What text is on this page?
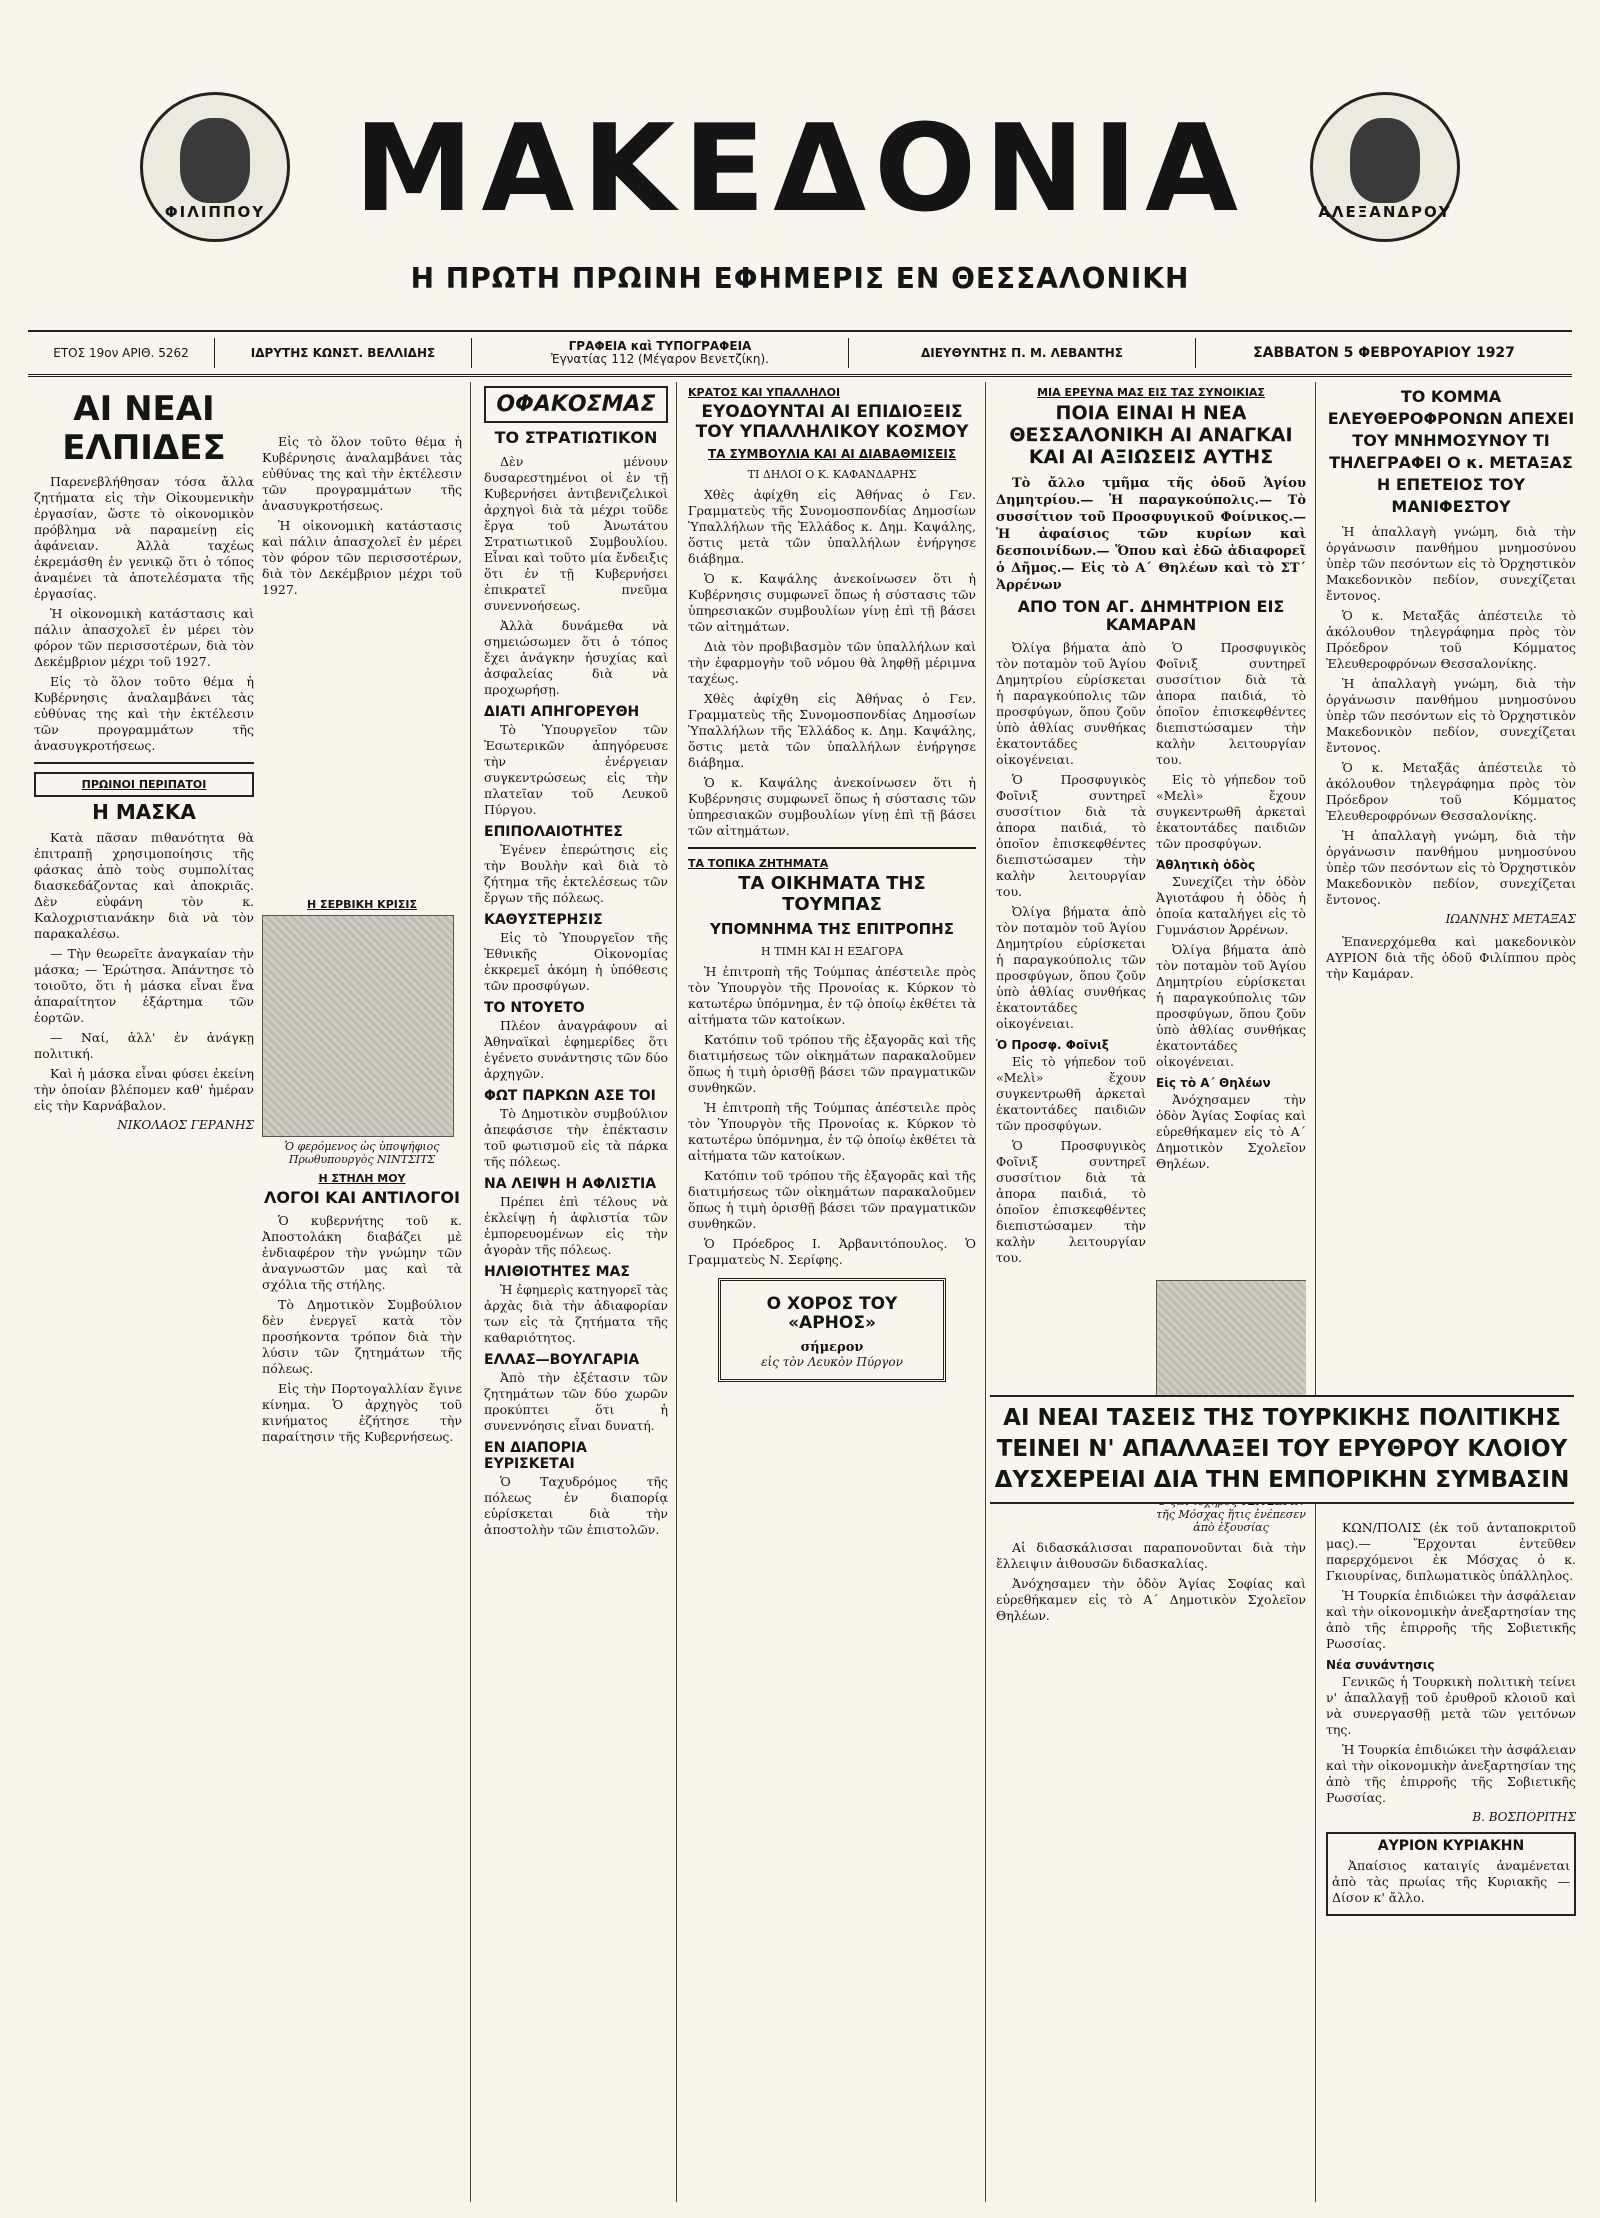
ΦΙΛΙΠΠΟΥ	ΑΛΕΞΑΝΔΡΟΥ
ΜΑΚΕΔΟΝΙΑ
Η ΠΡΩΤΗ ΠΡΩΙΝΗ ΕΦΗΜΕΡΙΣ ΕΝ ΘΕΣΣΑΛΟΝΙΚΗ
ΕΤΟΣ 19ον ΑΡΙΘ. 5262	ΙΔΡΥΤΗΣ ΚΩΝΣΤ. ΒΕΛΛΙΔΗΣ	ΓΡΑΦΕΙΑ καὶ ΤΥΠΟΓΡΑΦΕΙΑ
Ἐγνατίας 112 (Μέγαρον Βενετζίκη).	ΔΙΕΥΘΥΝΤΗΣ Π. Μ. ΛΕΒΑΝΤΗΣ	ΣΑΒΒΑΤΟΝ 5 ΦΕΒΡΟΥΑΡΙΟΥ 1927
ΑΙ ΝΕΑΙ ΕΛΠΙΔΕΣ

Παρενεβλήθησαν τόσα ἄλλα ζητήματα εἰς τὴν Οἰκουμενικὴν ἐργασίαν, ὥστε τὸ οἰκονομικὸν πρόβλημα νὰ παραμείνῃ εἰς ἀφάνειαν. Ἀλλὰ ταχέως ἐκρεμάσθη ἐν γενικῷ ὅτι ὁ τόπος ἀναμένει τὰ ἀποτελέσματα τῆς ἐργασίας.

Ἡ οἰκονομικὴ κατάστασις καὶ πάλιν ἀπασχολεῖ ἐν μέρει τὸν φόρον τῶν περισσοτέρων, διὰ τὸν Δεκέμβριον μέχρι τοῦ 1927.

Εἰς τὸ ὅλον τοῦτο θέμα ἡ Κυβέρνησις ἀναλαμβάνει τὰς εὐθύνας της καὶ τὴν ἐκτέλεσιν τῶν προγραμμάτων τῆς ἀνασυγκροτήσεως.

ΠΡΩΙΝΟΙ ΠΕΡΙΠΑΤΟΙ
Η ΜΑΣΚΑ

Κατὰ πᾶσαν πιθανότητα θὰ ἐπιτραπῇ χρησιμοποίησις τῆς φάσκας ἀπὸ τοὺς συμπολίτας διασκεδάζοντας καὶ ἀποκριᾶς. Δὲν εὐφάνη τὸν κ. Καλοχριστιανάκην διὰ νὰ τὸν παρακαλέσω.

— Τὴν θεωρεῖτε ἀναγκαίαν τὴν μάσκα; — Ἐρώτησα. Ἀπάντησε τὸ τοιοῦτο, ὅτι ἡ μάσκα εἶναι ἕνα ἀπαραίτητον ἐξάρτημα τῶν ἐορτῶν.

— Ναί, ἀλλ' ἐν ἀνάγκῃ πολιτική.

Καὶ ἡ μάσκα εἶναι φύσει ἐκείνη τὴν ὁποίαν βλέπομεν καθ' ἡμέραν εἰς τὴν Καρνάβαλον.

ΝΙΚΟΛΑΟΣ ΓΕΡΑΝΗΣ

Εἰς τὸ ὅλον τοῦτο θέμα ἡ Κυβέρνησις ἀναλαμβάνει τὰς εὐθύνας της καὶ τὴν ἐκτέλεσιν τῶν προγραμμάτων τῆς ἀνασυγκροτήσεως.

Ἡ οἰκονομικὴ κατάστασις καὶ πάλιν ἀπασχολεῖ ἐν μέρει τὸν φόρον τῶν περισσοτέρων, διὰ τὸν Δεκέμβριον μέχρι τοῦ 1927.

Η ΣΕΡΒΙΚΗ ΚΡΙΣΙΣ
Ὁ φερόμενος ὡς ὑποψήφιος Πρωθυπουργὸς ΝΙΝΤΣΙΤΣ
Η ΣΤΗΛΗ ΜΟΥ
ΛΟΓΟΙ ΚΑΙ ΑΝΤΙΛΟΓΟΙ

Ὁ κυβερνήτης τοῦ κ. Ἀποστολάκη διαβάζει μὲ ἐνδιαφέρον τὴν γνώμην τῶν ἀναγνωστῶν μας καὶ τὰ σχόλια τῆς στήλης.

Τὸ Δημοτικὸν Συμβούλιον δὲν ἐνεργεῖ κατὰ τὸν προσήκοντα τρόπον διὰ τὴν λύσιν τῶν ζητημάτων τῆς πόλεως.

Εἰς τὴν Πορτογαλλίαν ἔγινε κίνημα. Ὁ ἀρχηγὸς τοῦ κινήματος ἐζήτησε τὴν παραίτησιν τῆς Κυβερνήσεως.

ΟΦΑΚΟΣΜΑΣ
ΤΟ ΣΤΡΑΤΙΩΤΙΚΟΝ

Δὲν μένουν δυσαρεστημένοι οἱ ἐν τῇ Κυβερνήσει ἀντιβενιζελικοὶ ἀρχηγοὶ διὰ τὰ μέχρι τοῦδε ἔργα τοῦ Ἀνωτάτου Στρατιωτικοῦ Συμβουλίου. Εἶναι καὶ τοῦτο μία ἔνδειξις ὅτι ἐν τῇ Κυβερνήσει ἐπικρατεῖ πνεῦμα συνεννοήσεως.

Ἀλλὰ δυνάμεθα νὰ σημειώσωμεν ὅτι ὁ τόπος ἔχει ἀνάγκην ἡσυχίας καὶ ἀσφαλείας διὰ νὰ προχωρήσῃ.

ΔΙΑΤΙ ΑΠΗΓΟΡΕΥΘΗ

Τὸ Ὑπουργεῖον τῶν Ἐσωτερικῶν ἀπηγόρευσε τὴν ἐνέργειαν συγκεντρώσεως εἰς τὴν πλατεῖαν τοῦ Λευκοῦ Πύργου.

ΕΠΙΠΟΛΑΙΟΤΗΤΕΣ

Ἐγένεν ἐπερώτησις εἰς τὴν Βουλὴν καὶ διὰ τὸ ζήτημα τῆς ἐκτελέσεως τῶν ἔργων τῆς πόλεως.

ΚΑΘΥΣΤΕΡΗΣΙΣ

Εἰς τὸ Ὑπουργεῖον τῆς Ἐθνικῆς Οἰκονομίας ἐκκρεμεῖ ἀκόμη ἡ ὑπόθεσις τῶν προσφύγων.

ΤΟ ΝΤΟΥΕΤΟ

Πλέον ἀναγράφουν αἱ Ἀθηναϊκαὶ ἐφημερίδες ὅτι ἐγένετο συνάντησις τῶν δύο ἀρχηγῶν.

ΦΩΤ ΠΑΡΚΩΝ ΑΣΕ ΤΟΙ

Τὸ Δημοτικὸν συμβούλιον ἀπεφάσισε τὴν ἐπέκτασιν τοῦ φωτισμοῦ εἰς τὰ πάρκα τῆς πόλεως.

ΝΑ ΛΕΙΨΗ Η ΑΦΛΙΣΤΙΑ

Πρέπει ἐπὶ τέλους νὰ ἐκλείψῃ ἡ ἀφλιστία τῶν ἐμπορευομένων εἰς τὴν ἀγορὰν τῆς πόλεως.

ΗΛΙΘΙΟΤΗΤΕΣ ΜΑΣ

Ἡ ἐφημερὶς κατηγορεῖ τὰς ἀρχὰς διὰ τὴν ἀδιαφορίαν των εἰς τὰ ζητήματα τῆς καθαριότητος.

ΕΛΛΑΣ—ΒΟΥΛΓΑΡΙΑ

Ἀπὸ τὴν ἐξέτασιν τῶν ζητημάτων τῶν δύο χωρῶν προκύπτει ὅτι ἡ συνεννόησις εἶναι δυνατή.

ΕΝ ΔΙΑΠΟΡΙΑ ΕΥΡΙΣΚΕΤΑΙ

Ὁ Ταχυδρόμος τῆς πόλεως ἐν διαπορίᾳ εὑρίσκεται διὰ τὴν ἀποστολὴν τῶν ἐπιστολῶν.

ΚΡΑΤΟΣ ΚΑΙ ΥΠΑΛΛΗΛΟΙ
ΕΥΟΔΟΥΝΤΑΙ ΑΙ ΕΠΙΔΙΟΞΕΙΣ ΤΟΥ ΥΠΑΛΛΗΛΙΚΟΥ ΚΟΣΜΟΥ
ΤΑ ΣΥΜΒΟΥΛΙΑ ΚΑΙ ΑΙ ΔΙΑΒΑΘΜΙΣΕΙΣ
ΤΙ ΔΗΛΟΙ Ο Κ. ΚΑΦΑΝΔΑΡΗΣ

Χθὲς ἀφίχθη εἰς Ἀθήνας ὁ Γεν. Γραμματεὺς τῆς Συνομοσπονδίας Δημοσίων Ὑπαλλήλων τῆς Ἑλλάδος κ. Δημ. Καψάλης, ὅστις μετὰ τῶν ὑπαλλήλων ἐνήργησε διάβημα.

Ὁ κ. Καψάλης ἀνεκοίνωσεν ὅτι ἡ Κυβέρνησις συμφωνεῖ ὅπως ἡ σύστασις τῶν ὑπηρεσιακῶν συμβουλίων γίνῃ ἐπὶ τῇ βάσει τῶν αἰτημάτων.

Διὰ τὸν προβιβασμὸν τῶν ὑπαλλήλων καὶ τὴν ἐφαρμογὴν τοῦ νόμου θὰ ληφθῇ μέριμνα ταχέως.

Χθὲς ἀφίχθη εἰς Ἀθήνας ὁ Γεν. Γραμματεὺς τῆς Συνομοσπονδίας Δημοσίων Ὑπαλλήλων τῆς Ἑλλάδος κ. Δημ. Καψάλης, ὅστις μετὰ τῶν ὑπαλλήλων ἐνήργησε διάβημα.

Ὁ κ. Καψάλης ἀνεκοίνωσεν ὅτι ἡ Κυβέρνησις συμφωνεῖ ὅπως ἡ σύστασις τῶν ὑπηρεσιακῶν συμβουλίων γίνῃ ἐπὶ τῇ βάσει τῶν αἰτημάτων.

ΤΑ ΤΟΠΙΚΑ ΖΗΤΗΜΑΤΑ
ΤΑ ΟΙΚΗΜΑΤΑ ΤΗΣ ΤΟΥΜΠΑΣ
ΥΠΟΜΝΗΜΑ ΤΗΣ ΕΠΙΤΡΟΠΗΣ
Η ΤΙΜΗ ΚΑΙ Η ΕΞΑΓΟΡΑ

Ἡ ἐπιτροπὴ τῆς Τούμπας ἀπέστειλε πρὸς τὸν Ὑπουργὸν τῆς Προνοίας κ. Κύρκον τὸ κατωτέρω ὑπόμνημα, ἐν τῷ ὁποίῳ ἐκθέτει τὰ αἰτήματα τῶν κατοίκων.

Κατόπιν τοῦ τρόπου τῆς ἐξαγορᾶς καὶ τῆς διατιμήσεως τῶν οἰκημάτων παρακαλοῦμεν ὅπως ἡ τιμὴ ὁρισθῇ βάσει τῶν πραγματικῶν συνθηκῶν.

Ἡ ἐπιτροπὴ τῆς Τούμπας ἀπέστειλε πρὸς τὸν Ὑπουργὸν τῆς Προνοίας κ. Κύρκον τὸ κατωτέρω ὑπόμνημα, ἐν τῷ ὁποίῳ ἐκθέτει τὰ αἰτήματα τῶν κατοίκων.

Κατόπιν τοῦ τρόπου τῆς ἐξαγορᾶς καὶ τῆς διατιμήσεως τῶν οἰκημάτων παρακαλοῦμεν ὅπως ἡ τιμὴ ὁρισθῇ βάσει τῶν πραγματικῶν συνθηκῶν.

Ὁ Πρόεδρος Ι. Ἀρβανιτόπουλος. Ὁ Γραμματεὺς Ν. Σερίφης.

Ο ΧΟΡΟΣ ΤΟΥ «ΑΡΗΟΣ»
σήμερον
εἰς τὸν Λευκὸν Πύργον
ΜΙΑ ΕΡΕΥΝΑ ΜΑΣ ΕΙΣ ΤΑΣ ΣΥΝΟΙΚΙΑΣ
ΠΟΙΑ ΕΙΝΑΙ Η ΝΕΑ ΘΕΣΣΑΛΟΝΙΚΗ ΑΙ ΑΝΑΓΚΑΙ ΚΑΙ ΑΙ ΑΞΙΩΣΕΙΣ ΑΥΤΗΣ

Τὸ ἄλλο τμῆμα τῆς ὁδοῦ Ἁγίου Δημητρίου.— Ἡ παραγκούπολις.— Τὸ συσσίτιον τοῦ Προσφυγικοῦ Φοίνικος.— Ἡ ἀφαίσιος τῶν κυρίων καὶ δεσποινίδων.— Ὅπου καὶ ἐδῶ ἀδιαφορεῖ ὁ Δῆμος.— Εἰς τὸ Α΄ Θηλέων καὶ τὸ ΣΤ΄ Ἀρρένων

ΑΠΟ ΤΟΝ ΑΓ. ΔΗΜΗΤΡΙΟΝ ΕΙΣ ΚΑΜΑΡΑΝ

Ὀλίγα βήματα ἀπὸ τὸν ποταμὸν τοῦ Ἁγίου Δημητρίου εὑρίσκεται ἡ παραγκούπολις τῶν προσφύγων, ὅπου ζοῦν ὑπὸ ἀθλίας συνθήκας ἑκατοντάδες οἰκογένειαι.

Ὁ Προσφυγικὸς Φοῖνιξ συντηρεῖ συσσίτιον διὰ τὰ ἀπορα παιδιά, τὸ ὁποῖον ἐπισκεφθέντες διεπιστώσαμεν τὴν καλὴν λειτουργίαν του.

Ὀλίγα βήματα ἀπὸ τὸν ποταμὸν τοῦ Ἁγίου Δημητρίου εὑρίσκεται ἡ παραγκούπολις τῶν προσφύγων, ὅπου ζοῦν ὑπὸ ἀθλίας συνθήκας ἑκατοντάδες οἰκογένειαι.

Ὁ Προσφ. Φοῖνιξ

Εἰς τὸ γήπεδον τοῦ «Μελὶ» ἔχουν συγκεντρωθῆ ἀρκεταὶ ἑκατοντάδες παιδιῶν τῶν προσφύγων.

Ὁ Προσφυγικὸς Φοῖνιξ συντηρεῖ συσσίτιον διὰ τὰ ἀπορα παιδιά, τὸ ὁποῖον ἐπισκεφθέντες διεπιστώσαμεν τὴν καλὴν λειτουργίαν του.

Ὁ Προσφυγικὸς Φοῖνιξ συντηρεῖ συσσίτιον διὰ τὰ ἀπορα παιδιά, τὸ ὁποῖον ἐπισκεφθέντες διεπιστώσαμεν τὴν καλὴν λειτουργίαν του.

Εἰς τὸ γήπεδον τοῦ «Μελὶ» ἔχουν συγκεντρωθῆ ἀρκεταὶ ἑκατοντάδες παιδιῶν τῶν προσφύγων.

Ἀθλητικὴ ὁδὸς

Συνεχίζει τὴν ὁδὸν Ἀγιοτάφου ἡ ὁδὸς ἡ ὁποία καταλήγει εἰς τὸ Γυμνάσιον Ἀρρένων.

Ὀλίγα βήματα ἀπὸ τὸν ποταμὸν τοῦ Ἁγίου Δημητρίου εὑρίσκεται ἡ παραγκούπολις τῶν προσφύγων, ὅπου ζοῦν ὑπὸ ἀθλίας συνθήκας ἑκατοντάδες οἰκογένειαι.

Εἰς τὸ Α΄ Θηλέων

Ἀνόχησαμεν τὴν ὁδὸν Ἁγίας Σοφίας καὶ εὑρεθήκαμεν εἰς τὸ Α΄ Δημοτικὸν Σχολεῖον Θηλέων.

τῆς Μόσχας ἥτις ἐνέπεσεν ἀπὸ ἐξουσίας

Αἱ διδασκάλισσαι παραπονοῦνται διὰ τὴν ἔλλειψιν ἀιθουσῶν διδασκαλίας.

Ἀνόχησαμεν τὴν ὁδὸν Ἁγίας Σοφίας καὶ εὑρεθήκαμεν εἰς τὸ Α΄ Δημοτικὸν Σχολεῖον Θηλέων.

ΤΟ ΚΟΜΜΑ ΕΛΕΥΘΕΡΟΦΡΟΝΩΝ ΑΠΕΧΕΙ ΤΟΥ ΜΝΗΜΟΣΥΝΟΥ ΤΙ ΤΗΛΕΓΡΑΦΕΙ Ο κ. ΜΕΤΑΞΑΣ Η ΕΠΕΤΕΙΟΣ ΤΟΥ ΜΑΝΙΦΕΣΤΟΥ

Ἡ ἀπαλλαγὴ γνώμη, διὰ τὴν ὁργάνωσιν πανθήμου μνημοσύνου ὑπὲρ τῶν πεσόντων εἰς τὸ Ὀρχηστικὸν Μακεδονικὸν πεδίον, συνεχίζεται ἔντονος.

Ὁ κ. Μεταξᾶς ἀπέστειλε τὸ ἀκόλουθον τηλεγράφημα πρὸς τὸν Πρόεδρον τοῦ Κόμματος Ἐλευθεροφρόνων Θεσσαλονίκης.

Ἡ ἀπαλλαγὴ γνώμη, διὰ τὴν ὁργάνωσιν πανθήμου μνημοσύνου ὑπὲρ τῶν πεσόντων εἰς τὸ Ὀρχηστικὸν Μακεδονικὸν πεδίον, συνεχίζεται ἔντονος.

Ὁ κ. Μεταξᾶς ἀπέστειλε τὸ ἀκόλουθον τηλεγράφημα πρὸς τὸν Πρόεδρον τοῦ Κόμματος Ἐλευθεροφρόνων Θεσσαλονίκης.

Ἡ ἀπαλλαγὴ γνώμη, διὰ τὴν ὁργάνωσιν πανθήμου μνημοσύνου ὑπὲρ τῶν πεσόντων εἰς τὸ Ὀρχηστικὸν Μακεδονικὸν πεδίον, συνεχίζεται ἔντονος.

ΙΩΑΝΝΗΣ ΜΕΤΑΞΑΣ

Ἐπανερχόμεθα καὶ μακεδονικὸν ΑΥΡΙΟΝ διὰ τῆς ὁδοῦ Φιλίππου πρὸς τὴν Καμάραν.

ΑΙ ΝΕΑΙ ΤΑΣΕΙΣ ΤΗΣ ΤΟΥΡΚΙΚΗΣ ΠΟΛΙΤΙΚΗΣ ΤΕΙΝΕΙ Ν' ΑΠΑΛΛΑΞΕΙ ΤΟΥ ΕΡΥΘΡΟΥ ΚΛΟΙΟΥ ΔΥΣΧΕΡΕΙΑΙ ΔΙΑ ΤΗΝ ΕΜΠΟΡΙΚΗΝ ΣΥΜΒΑΣΙΝ

ΚΩΝ/ΠΟΛΙΣ (ἐκ τοῦ ἀνταποκριτοῦ μας).— Ἔρχονται ἐντεῦθεν παρερχόμενοι ἐκ Μόσχας ὁ κ. Γκιουρίνας, διπλωματικὸς ὑπάλληλος.

Ἡ Τουρκία ἐπιδιώκει τὴν ἀσφάλειαν καὶ τὴν οἰκονομικὴν ἀνεξαρτησίαν της ἀπὸ τῆς ἐπιρροῆς τῆς Σοβιετικῆς Ρωσσίας.

Νέα συνάντησις

Γενικῶς ἡ Τουρκικὴ πολιτικὴ τείνει ν' ἀπαλλαγῇ τοῦ ἐρυθροῦ κλοιοῦ καὶ νὰ συνεργασθῇ μετὰ τῶν γειτόνων της.

Ἡ Τουρκία ἐπιδιώκει τὴν ἀσφάλειαν καὶ τὴν οἰκονομικὴν ἀνεξαρτησίαν της ἀπὸ τῆς ἐπιρροῆς τῆς Σοβιετικῆς Ρωσσίας.

Β. ΒΟΣΠΟΡΙΤΗΣ
ΑΥΡΙΟΝ ΚΥΡΙΑΚΗΝ

Ἀπαίσιος καταιγίς ἀναμένεται ἀπὸ τὰς πρωίας τῆς Κυριακῆς — Δίσον κ' ἄλλο.
